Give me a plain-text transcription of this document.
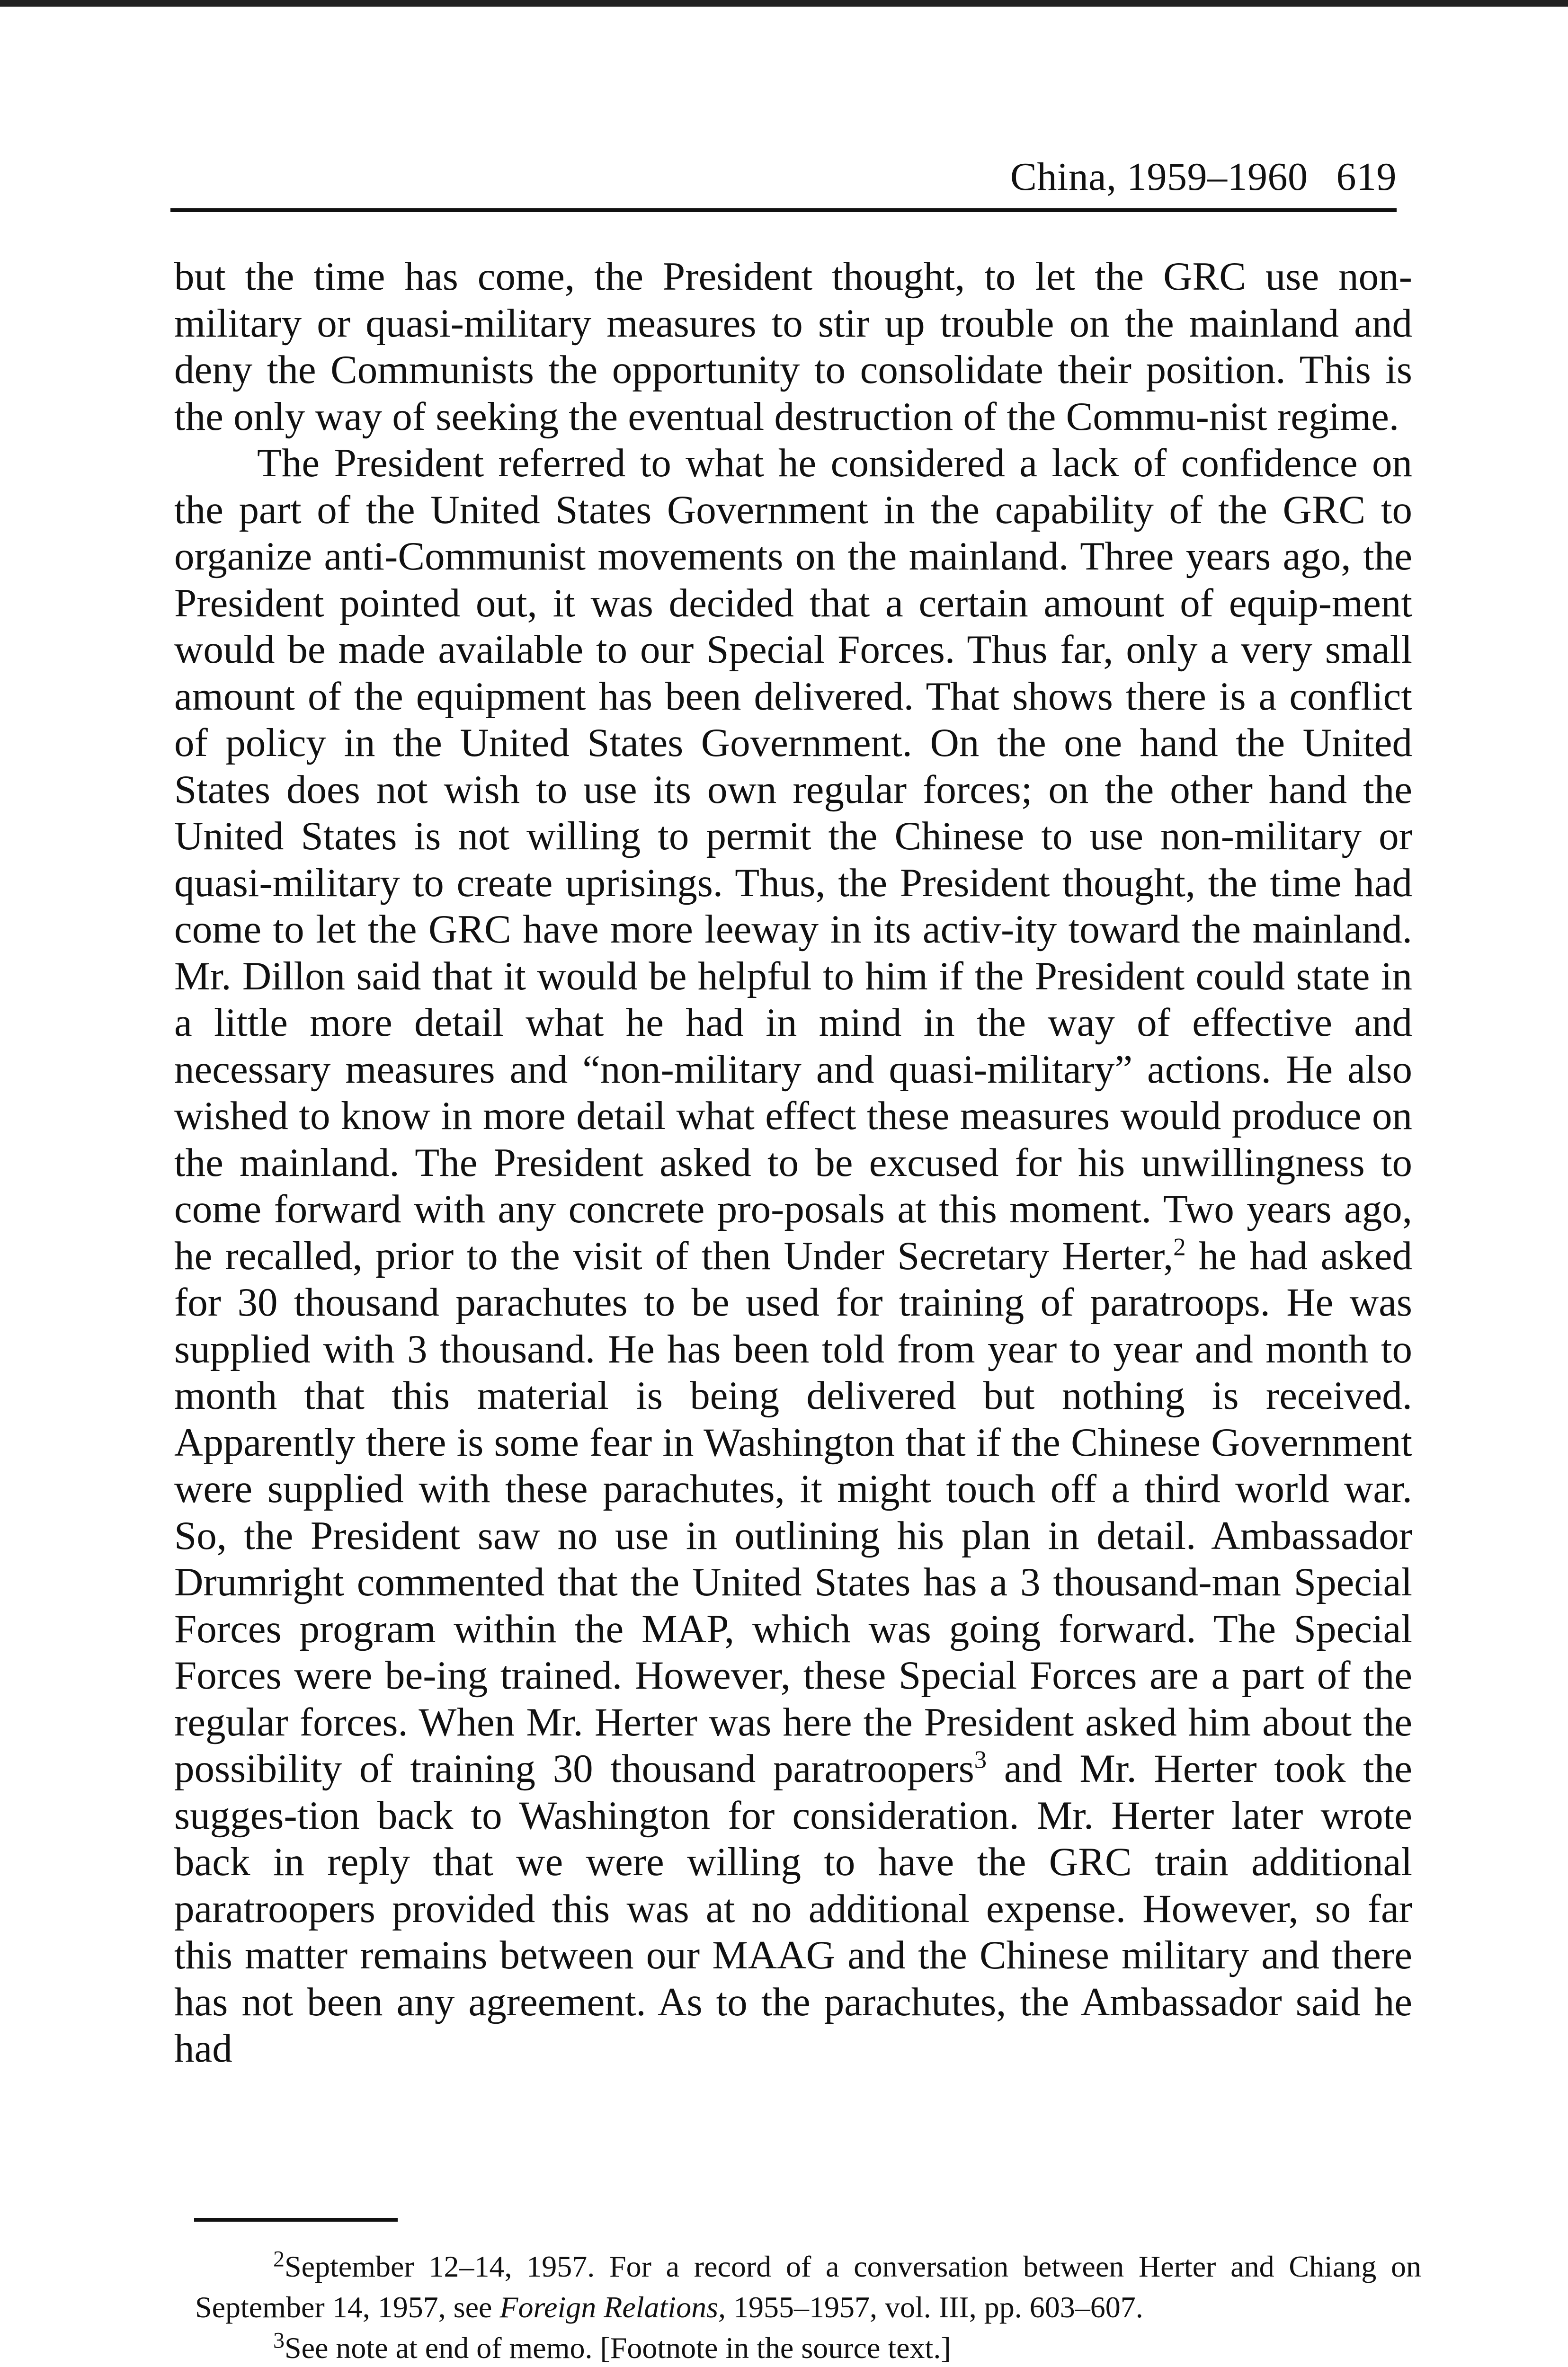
China, 1959–1960 619

but the time has come, the President thought, to let the GRC use non-military or quasi-military measures to stir up trouble on the mainland and deny the Communists the opportunity to consolidate their position. This is the only way of seeking the eventual destruction of the Commu-nist regime.

The President referred to what he considered a lack of confidence on the part of the United States Government in the capability of the GRC to organize anti-Communist movements on the mainland. Three years ago, the President pointed out, it was decided that a certain amount of equip-ment would be made available to our Special Forces. Thus far, only a very small amount of the equipment has been delivered. That shows there is a conflict of policy in the United States Government. On the one hand the United States does not wish to use its own regular forces; on the other hand the United States is not willing to permit the Chinese to use non-military or quasi-military to create uprisings. Thus, the President thought, the time had come to let the GRC have more leeway in its activ-ity toward the mainland. Mr. Dillon said that it would be helpful to him if the President could state in a little more detail what he had in mind in the way of effective and necessary measures and “non-military and quasi-military” actions. He also wished to know in more detail what effect these measures would produce on the mainland. The President asked to be excused for his unwillingness to come forward with any concrete pro-posals at this moment. Two years ago, he recalled, prior to the visit of then Under Secretary Herter,$^2$ he had asked for 30 thousand parachutes to be used for training of paratroops. He was supplied with 3 thousand. He has been told from year to year and month to month that this material is being delivered but nothing is received. Apparently there is some fear in Washington that if the Chinese Government were supplied with these parachutes, it might touch off a third world war. So, the President saw no use in outlining his plan in detail. Ambassador Drumright commented that the United States has a 3 thousand-man Special Forces program within the MAP, which was going forward. The Special Forces were be-ing trained. However, these Special Forces are a part of the regular forces. When Mr. Herter was here the President asked him about the possibility of training 30 thousand paratroopers$^3$ and Mr. Herter took the sugges-tion back to Washington for consideration. Mr. Herter later wrote back in reply that we were willing to have the GRC train additional paratroopers provided this was at no additional expense. However, so far this matter remains between our MAAG and the Chinese military and there has not been any agreement. As to the parachutes, the Ambassador said he had

$^2$September 12–14, 1957. For a record of a conversation between Herter and Chiang on September 14, 1957, see Foreign Relations, 1955–1957, vol. III, pp. 603–607.

$^3$See note at end of memo. [Footnote in the source text.]
